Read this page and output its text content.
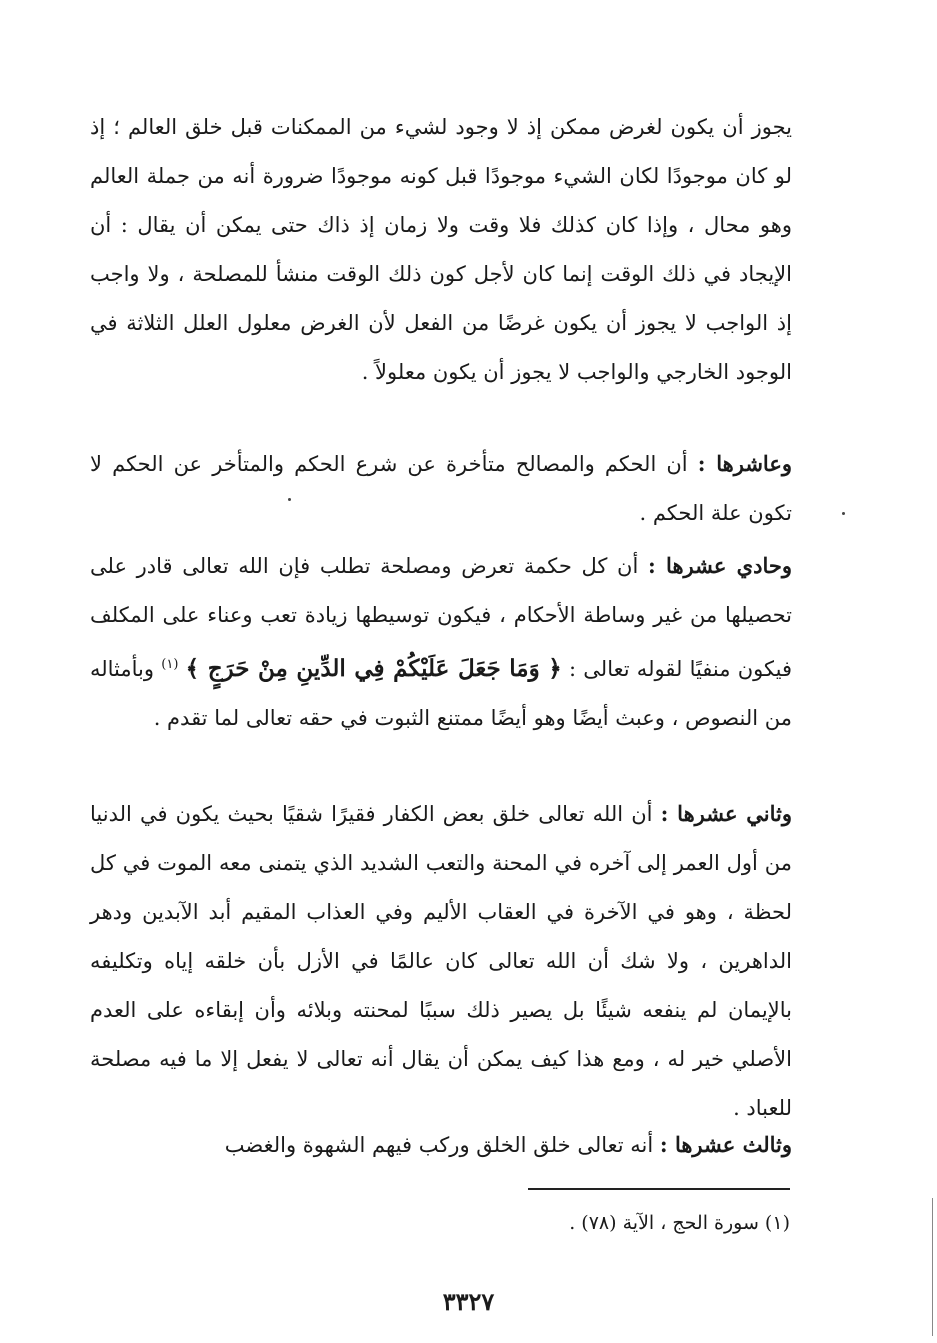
يجوز أن يكون لغرض ممكن إذ لا وجود لشيء من الممكنات قبل خلق العالم ؛ إذ لو كان موجودًا لكان الشيء موجودًا قبل كونه موجودًا ضرورة أنه من جملة العالم وهو محال ، وإذا كان كذلك فلا وقت ولا زمان إذ ذاك حتى يمكن أن يقال : أن الإيجاد في ذلك الوقت إنما كان لأجل كون ذلك الوقت منشأ للمصلحة ، ولا واجب إذ الواجب لا يجوز أن يكون غرضًا من الفعل لأن الغرض معلول العلل الثلاثة في الوجود الخارجي والواجب لا يجوز أن يكون معلولاً .

وعاشرها : أن الحكم والمصالح متأخرة عن شرع الحكم والمتأخر عن الحكم لا تكون علة الحكم .

وحادي عشرها : أن كل حكمة تعرض ومصلحة تطلب فإن الله تعالى قادر على تحصيلها من غير وساطة الأحكام ، فيكون توسيطها زيادة تعب وعناء على المكلف فيكون منفيًا لقوله تعالى : ﴿ وَمَا جَعَلَ عَلَيْكُمْ فِي الدِّينِ مِنْ حَرَجٍ ﴾ $^{(١)}$ وبأمثاله من النصوص ، وعبث أيضًا وهو أيضًا ممتنع الثبوت في حقه تعالى لما تقدم .

وثاني عشرها : أن الله تعالى خلق بعض الكفار فقيرًا شقيًا بحيث يكون في الدنيا من أول العمر إلى آخره في المحنة والتعب الشديد الذي يتمنى معه الموت في كل لحظة ، وهو في الآخرة في العقاب الأليم وفي العذاب المقيم أبد الآبدين ودهر الداهرين ، ولا شك أن الله تعالى كان عالمًا في الأزل بأن خلقه إياه وتكليفه بالإيمان لم ينفعه شيئًا بل يصير ذلك سببًا لمحنته وبلائه وأن إبقاءه على العدم الأصلي خير له ، ومع هذا كيف يمكن أن يقال أنه تعالى لا يفعل إلا ما فيه مصلحة للعباد .

وثالث عشرها : أنه تعالى خلق الخلق وركب فيهم الشهوة والغضب

(١) سورة الحج ، الآية (٧٨) .
٣٣٢٧
